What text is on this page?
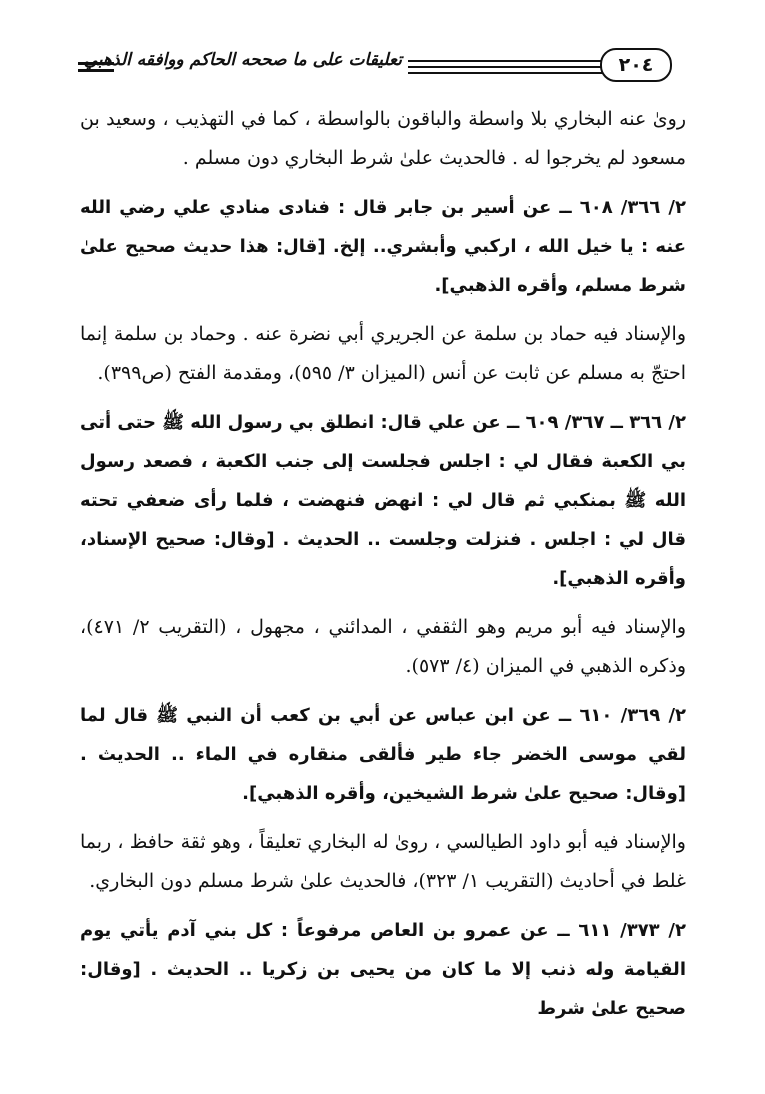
تعليقات على ما صححه الحاكم ووافقه الذهبي	٢٠٤

رویٰ عنه البخاري بلا واسطة والباقون بالواسطة ، كما في التهذيب ، وسعيد بن مسعود لم يخرجوا له . فالحديث علىٰ شرط البخاري دون مسلم .

٢/ ٣٦٦/ ٦٠٨ ــ عن أسير بن جابر قال : فنادى منادي علي رضي الله عنه : يا خيل الله ، اركبي وأبشري.. إلخ. [قال: هذا حديث صحيح علىٰ شرط مسلم، وأقره الذهبي].

والإسناد فيه حماد بن سلمة عن الجريري أبي نضرة عنه . وحماد بن سلمة إنما احتجّ به مسلم عن ثابت عن أنس (الميزان ٣/ ٥٩٥)، ومقدمة الفتح (ص٣٩٩).

٢/ ٣٦٦ ــ ٣٦٧/ ٦٠٩ ــ عن علي قال: انطلق بي رسول الله ﷺ حتى أتى بي الكعبة فقال لي : اجلس فجلست إلى جنب الكعبة ، فصعد رسول الله ﷺ بمنكبي ثم قال لي : انهض فنهضت ، فلما رأى ضعفي تحته قال لي : اجلس . فنزلت وجلست .. الحديث . [وقال: صحيح الإسناد، وأقره الذهبي].

والإسناد فيه أبو مريم وهو الثقفي ، المدائني ، مجهول ، (التقريب ٢/ ٤٧١)، وذكره الذهبي في الميزان (٤/ ٥٧٣).

٢/ ٣٦٩/ ٦١٠ ــ عن ابن عباس عن أبي بن كعب أن النبي ﷺ قال لما لقي موسى الخضر جاء طير فألقى منقاره في الماء .. الحديث . [وقال: صحيح علىٰ شرط الشيخين، وأقره الذهبي].

والإسناد فيه أبو داود الطيالسي ، رویٰ له البخاري تعليقاً ، وهو ثقة حافظ ، ربما غلط في أحاديث (التقريب ١/ ٣٢٣)، فالحديث علىٰ شرط مسلم دون البخاري.

٢/ ٣٧٣/ ٦١١ ــ عن عمرو بن العاص مرفوعاً : كل بني آدم يأتي يوم القيامة وله ذنب إلا ما كان من يحيى بن زكريا .. الحديث . [وقال: صحيح علىٰ شرط
